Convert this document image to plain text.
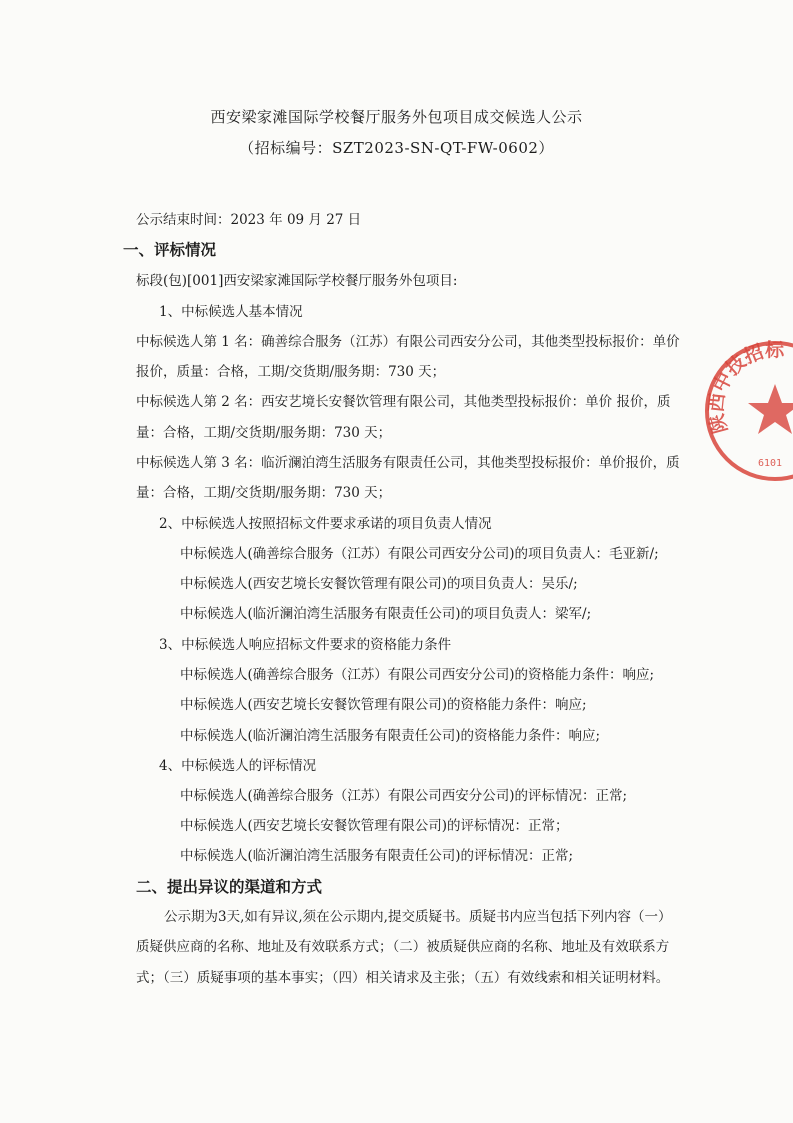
西安梁家滩国际学校餐厅服务外包项目成交候选人公示
（招标编号：SZT2023-SN-QT-FW-0602）
公示结束时间：2023 年 09 月 27 日
一、评标情况
标段(包)[001]西安梁家滩国际学校餐厅服务外包项目:
1、中标候选人基本情况
中标候选人第 1 名：确善综合服务（江苏）有限公司西安分公司，其他类型投标报价：单价
报价，质量：合格，工期/交货期/服务期：730 天；
中标候选人第 2 名：西安艺境长安餐饮管理有限公司，其他类型投标报价：单价 报价，质
量：合格，工期/交货期/服务期：730 天；
中标候选人第 3 名：临沂澜泊湾生活服务有限责任公司，其他类型投标报价：单价报价，质
量：合格，工期/交货期/服务期：730 天；
2、中标候选人按照招标文件要求承诺的项目负责人情况
中标候选人(确善综合服务（江苏）有限公司西安分公司)的项目负责人：毛亚新/;
中标候选人(西安艺境长安餐饮管理有限公司)的项目负责人：吴乐/;
中标候选人(临沂澜泊湾生活服务有限责任公司)的项目负责人：梁军/;
3、中标候选人响应招标文件要求的资格能力条件
中标候选人(确善综合服务（江苏）有限公司西安分公司)的资格能力条件：响应;
中标候选人(西安艺境长安餐饮管理有限公司)的资格能力条件：响应;
中标候选人(临沂澜泊湾生活服务有限责任公司)的资格能力条件：响应;
4、中标候选人的评标情况
中标候选人(确善综合服务（江苏）有限公司西安分公司)的评标情况：正常;
中标候选人(西安艺境长安餐饮管理有限公司)的评标情况：正常；
中标候选人(临沂澜泊湾生活服务有限责任公司)的评标情况：正常;
二、提出异议的渠道和方式
公示期为3天,如有异议,须在公示期内,提交质疑书。质疑书内应当包括下列内容（一）
质疑供应商的名称、地址及有效联系方式；（二）被质疑供应商的名称、地址及有效联系方
式；（三）质疑事项的基本事实；（四）相关请求及主张；（五）有效线索和相关证明材料。
陕西中技招标
6101
